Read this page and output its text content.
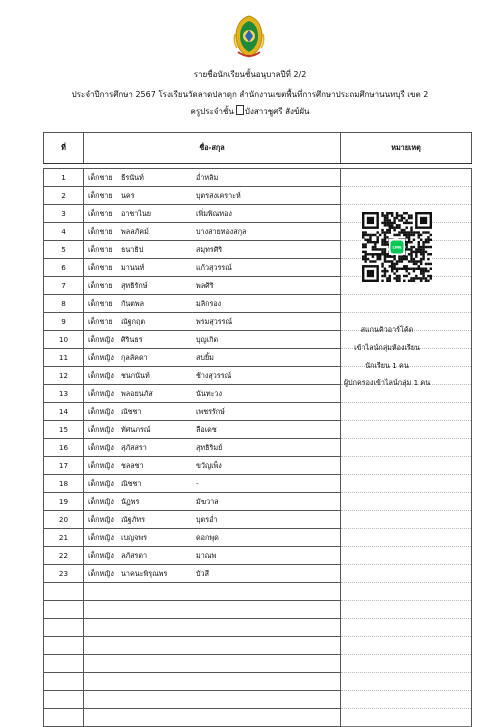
รายชื่อนักเรียนชั้นอนุบาลปีที่ 2/2
ประจำปีการศึกษา 2567 โรงเรียนวัดลาดปลาดุก สำนักงานเขตพื้นที่การศึกษาประถมศึกษานนทบุรี เขต 2
ครูประจำชั้น บังสาวชูศรี สังข์ผัน
ที่	ชื่อ-สกุล	หมายเหตุ

1	เด็กชาย ธีรนันท์ อ่ำหลิม	

2	เด็กชาย นคร บุตรสงเคราะห์	

3	เด็กชาย อาชาไนย เพิ่มพิณทอง	

4	เด็กชาย พลลภัคม์ บางสายทองสกุล	

5	เด็กชาย ธนาธิป สมุทรศิริ	

6	เด็กชาย มานนท์ แก้วสุวรรณ์	

7	เด็กชาย สุทธิรักษ์ พลศิริ	

8	เด็กชาย กันตพล มลิกรอง	

9	เด็กชาย ณัฐกฤต พรมสุวรรณ์	

10	เด็กหญิง ศิรินธร บุญเกิด	

11	เด็กหญิง กุลลัคดา สบยิ้ม	

12	เด็กหญิง ชนกนันท์ ช้างสุวรรณ์	

13	เด็กหญิง พลอยนภัส นันทะวง	

14	เด็กหญิง ณัชชา เพชรรักษ์	

15	เด็กหญิง ทัศนภรณ์ ลือเดช	

16	เด็กหญิง สุภัสสรา สุทธิริมย์	

17	เด็กหญิง ชลลชา ขวัญเพ็ง	

18	เด็กหญิง ณิชชา -	

19	เด็กหญิง นัฏพร มัฆวาล	

20	เด็กหญิง ณัฐภัทร บุตรอ่ำ	

21	เด็กหญิง เบญจพร ดอกพุด	

22	เด็กหญิง ลภัสรดา มาณพ	

23	เด็กหญิง นาคนะพิรุณพร บัวสี	

LINE
สแกนคิวอาร์โค้ด
เข้าไลน์กลุ่มห้องเรียน
นักเรียน 1 คน
ผู้ปกครองเข้าไลน์กลุ่ม 1 คน
